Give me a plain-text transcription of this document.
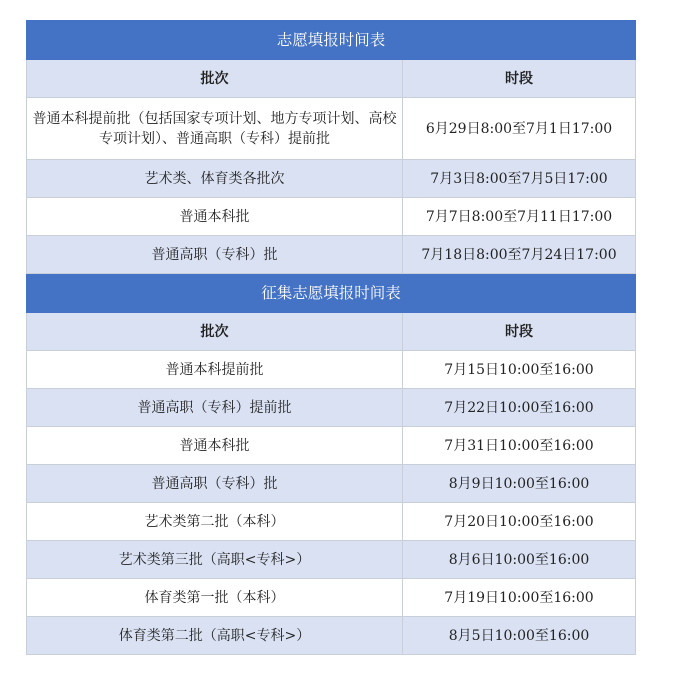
志愿填报时间表	
批次	时段
普通本科提前批（包括国家专项计划、地方专项计划、高校专项计划）、普通高职（专科）提前批	6月29日8:00至7月1日17:00
艺术类、体育类各批次	7月3日8:00至7月5日17:00
普通本科批	7月7日8:00至7月11日17:00
普通高职（专科）批	7月18日8:00至7月24日17:00
征集志愿填报时间表	
批次	时段
普通本科提前批	7月15日10:00至16:00
普通高职（专科）提前批	7月22日10:00至16:00
普通本科批	7月31日10:00至16:00
普通高职（专科）批	8月9日10:00至16:00
艺术类第二批（本科）	7月20日10:00至16:00
艺术类第三批（高职<专科>）	8月6日10:00至16:00
体育类第一批（本科）	7月19日10:00至16:00
体育类第二批（高职<专科>）	8月5日10:00至16:00
